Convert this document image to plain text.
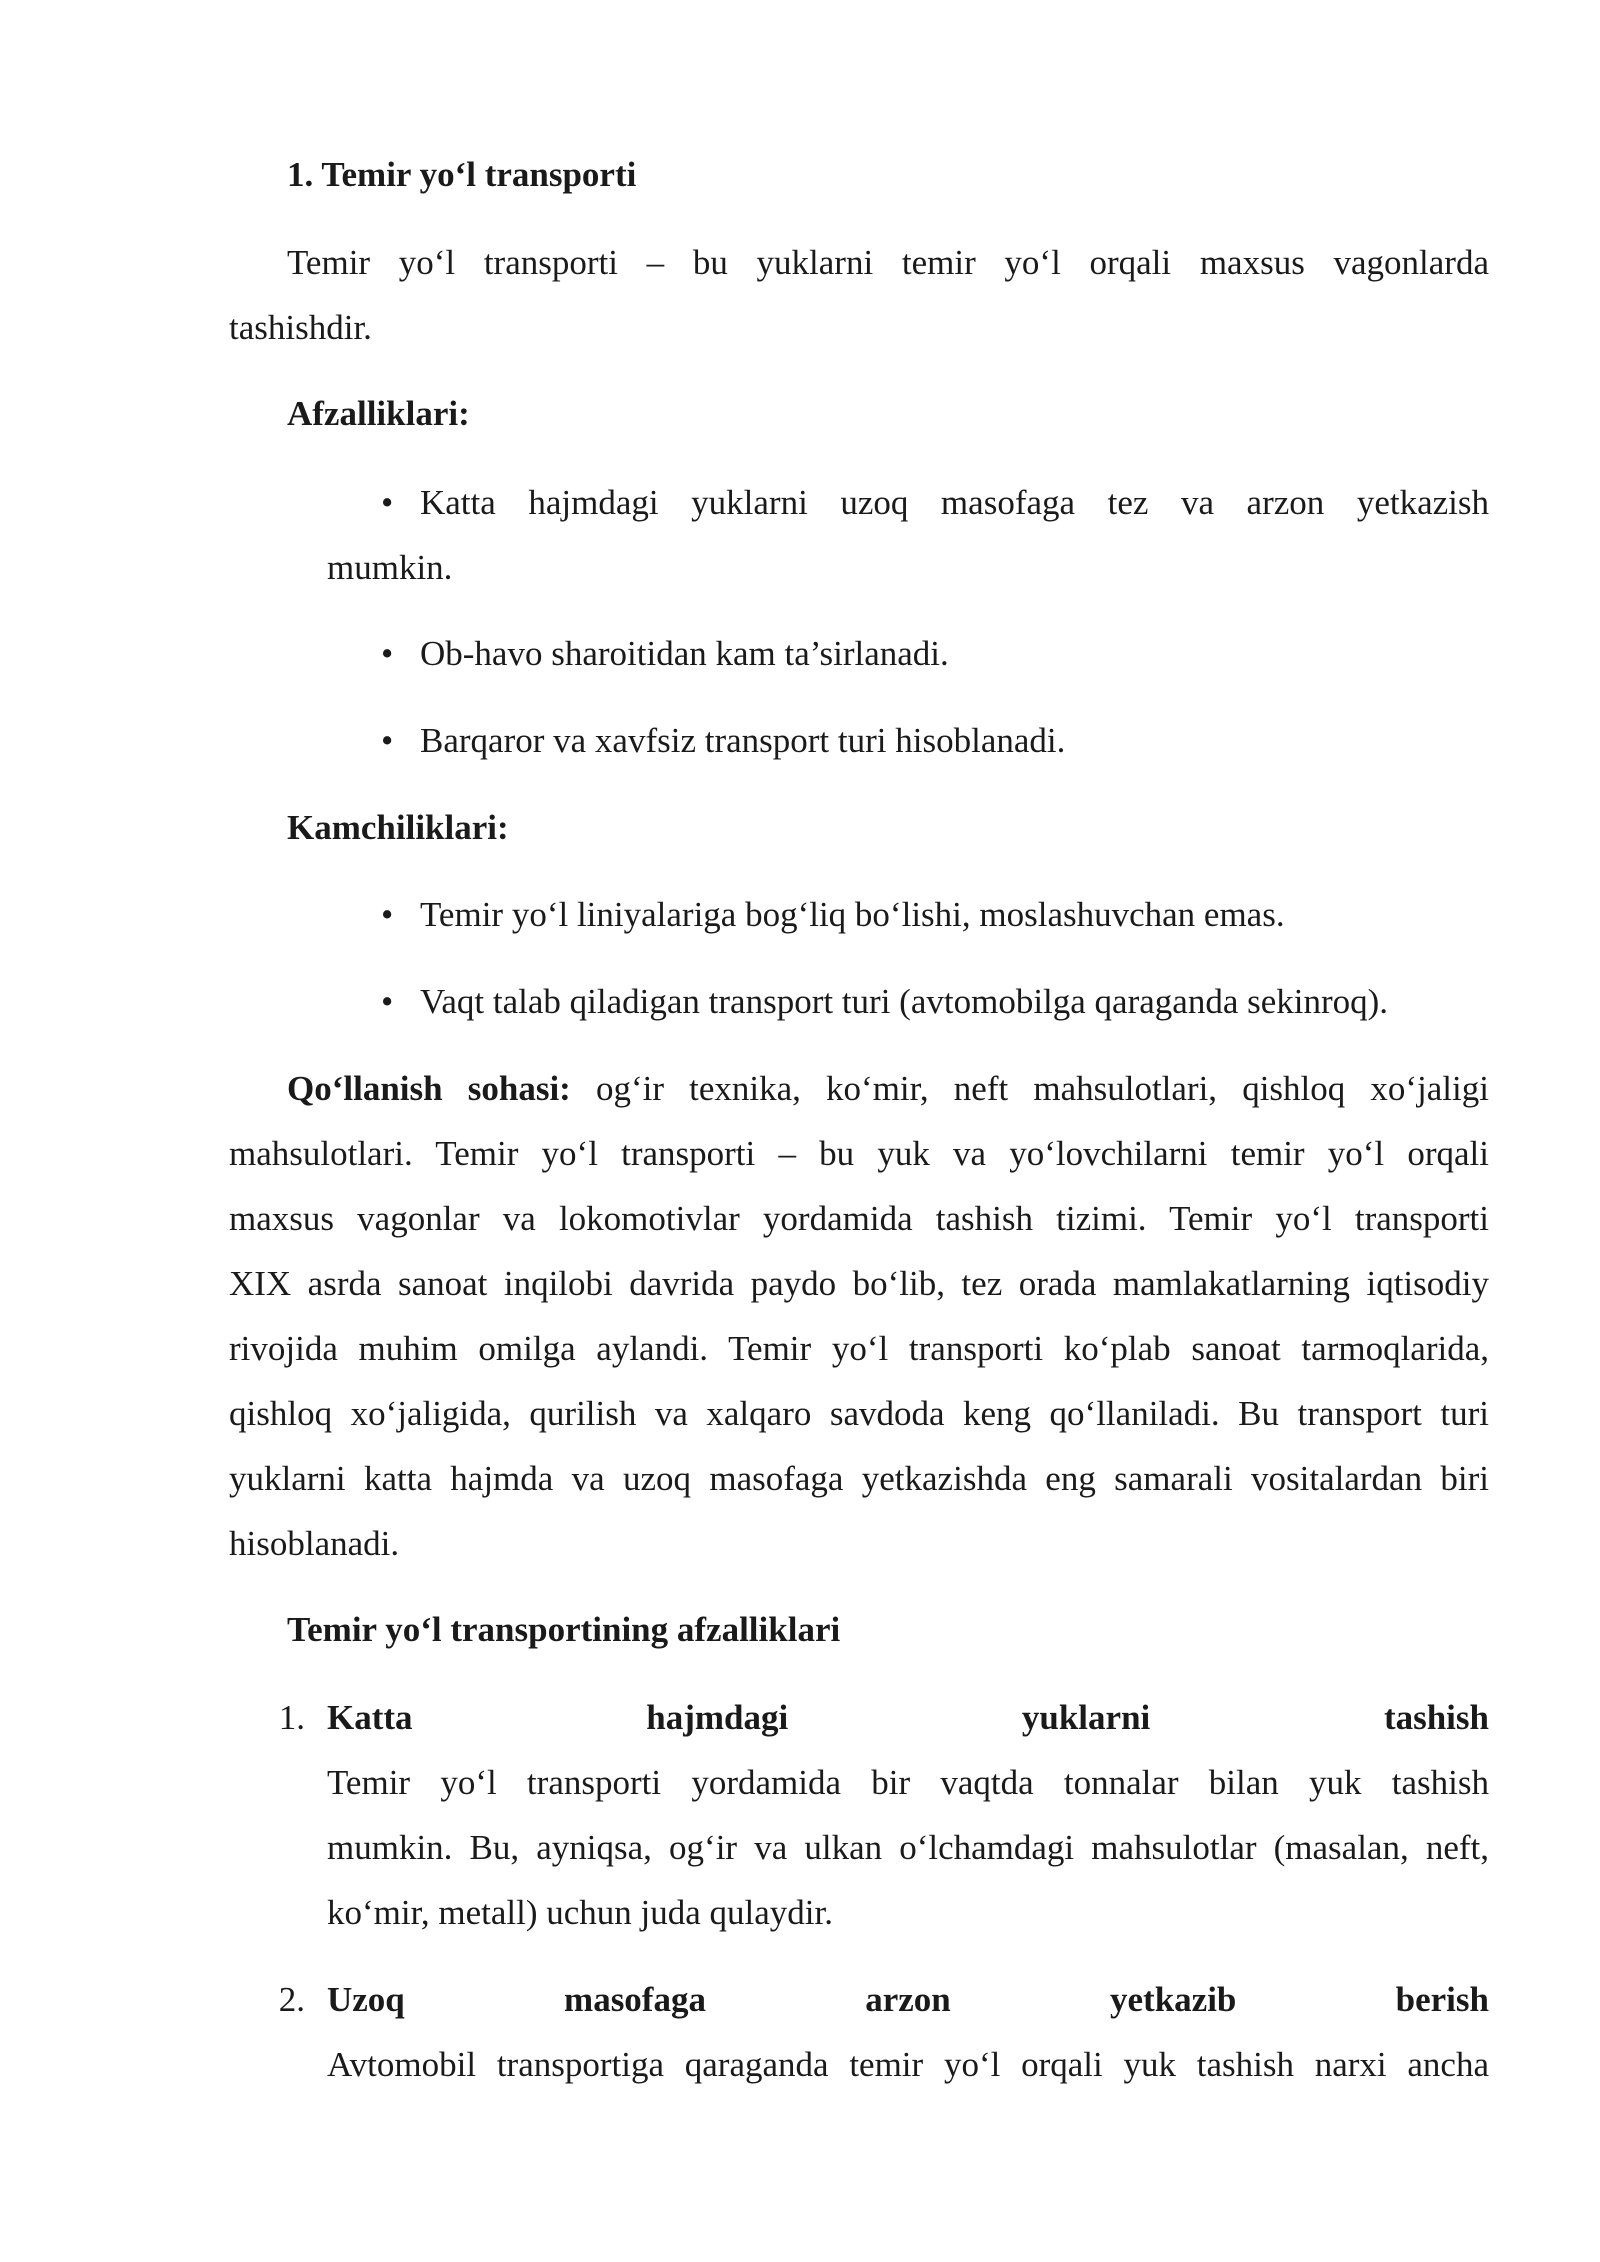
1. Temir yo‘l transporti

Temir yo‘l transporti – bu yuklarni temir yo‘l orqali maxsus vagonlarda

tashishdir.

Afzalliklari:

• Katta hajmdagi yuklarni uzoq masofaga tez va arzon yetkazish

mumkin.

• Ob-havo sharoitidan kam ta’sirlanadi.

• Barqaror va xavfsiz transport turi hisoblanadi.

Kamchiliklari:

• Temir yo‘l liniyalariga bog‘liq bo‘lishi, moslashuvchan emas.

• Vaqt talab qiladigan transport turi (avtomobilga qaraganda sekinroq).

Qo‘llanish sohasi: og‘ir texnika, ko‘mir, neft mahsulotlari, qishloq xo‘jaligi

mahsulotlari. Temir yo‘l transporti – bu yuk va yo‘lovchilarni temir yo‘l orqali

maxsus vagonlar va lokomotivlar yordamida tashish tizimi. Temir yo‘l transporti

XIX asrda sanoat inqilobi davrida paydo bo‘lib, tez orada mamlakatlarning iqtisodiy

rivojida muhim omilga aylandi. Temir yo‘l transporti ko‘plab sanoat tarmoqlarida,

qishloq xo‘jaligida, qurilish va xalqaro savdoda keng qo‘llaniladi. Bu transport turi

yuklarni katta hajmda va uzoq masofaga yetkazishda eng samarali vositalardan biri

hisoblanadi.

Temir yo‘l transportining afzalliklari

1. Katta hajmdagi yuklarni tashish

Temir yo‘l transporti yordamida bir vaqtda tonnalar bilan yuk tashish

mumkin. Bu, ayniqsa, og‘ir va ulkan o‘lchamdagi mahsulotlar (masalan, neft,

ko‘mir, metall) uchun juda qulaydir.

2. Uzoq masofaga arzon yetkazib berish

Avtomobil transportiga qaraganda temir yo‘l orqali yuk tashish narxi ancha
